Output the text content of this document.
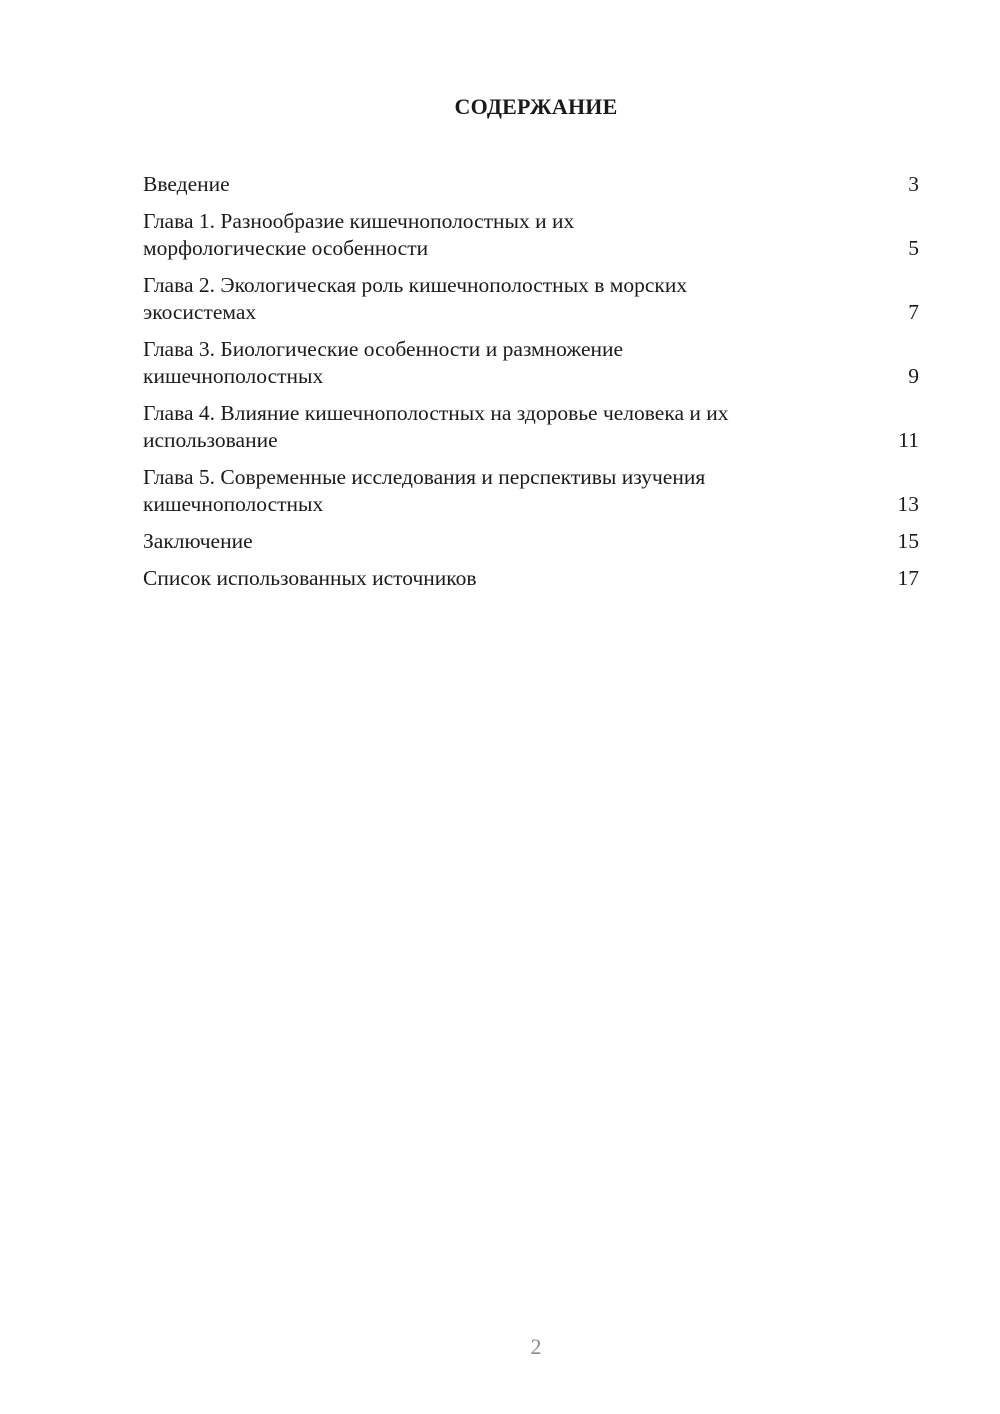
СОДЕРЖАНИЕ
Введение	3
Глава 1. Разнообразие кишечнополостных и их
морфологические особенности	5
Глава 2. Экологическая роль кишечнополостных в морских
экосистемах	7
Глава 3. Биологические особенности и размножение
кишечнополостных	9
Глава 4. Влияние кишечнополостных на здоровье человека и их
использование	11
Глава 5. Современные исследования и перспективы изучения
кишечнополостных	13
Заключение	15
Список использованных источников	17
2
